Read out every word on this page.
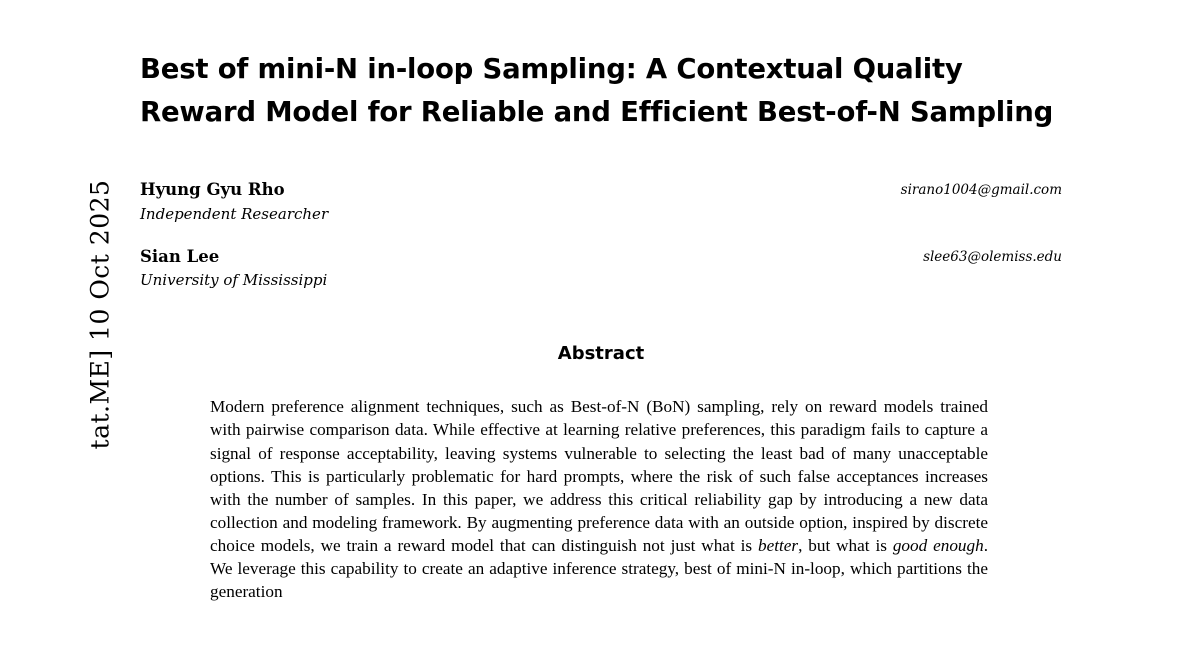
tat.ME] 10 Oct 2025
Best of mini-N in-loop Sampling: A Contextual Quality Reward Model for Reliable and Efficient Best-of-N Sampling
Hyung Gyu Rho
Independent Researcher
sirano1004@gmail.com
Sian Lee
University of Mississippi
slee63@olemiss.edu
Abstract
Modern preference alignment techniques, such as Best-of-N (BoN) sampling, rely on reward models trained with pairwise comparison data. While effective at learning relative preferences, this paradigm fails to capture a signal of response acceptability, leaving systems vulnerable to selecting the least bad of many unacceptable options. This is particularly problematic for hard prompts, where the risk of such false acceptances increases with the number of samples. In this paper, we address this critical reliability gap by introducing a new data collection and modeling framework. By augmenting preference data with an outside option, inspired by discrete choice models, we train a reward model that can distinguish not just what is better, but what is good enough. We leverage this capability to create an adaptive inference strategy, best of mini-N in-loop, which partitions the generation
